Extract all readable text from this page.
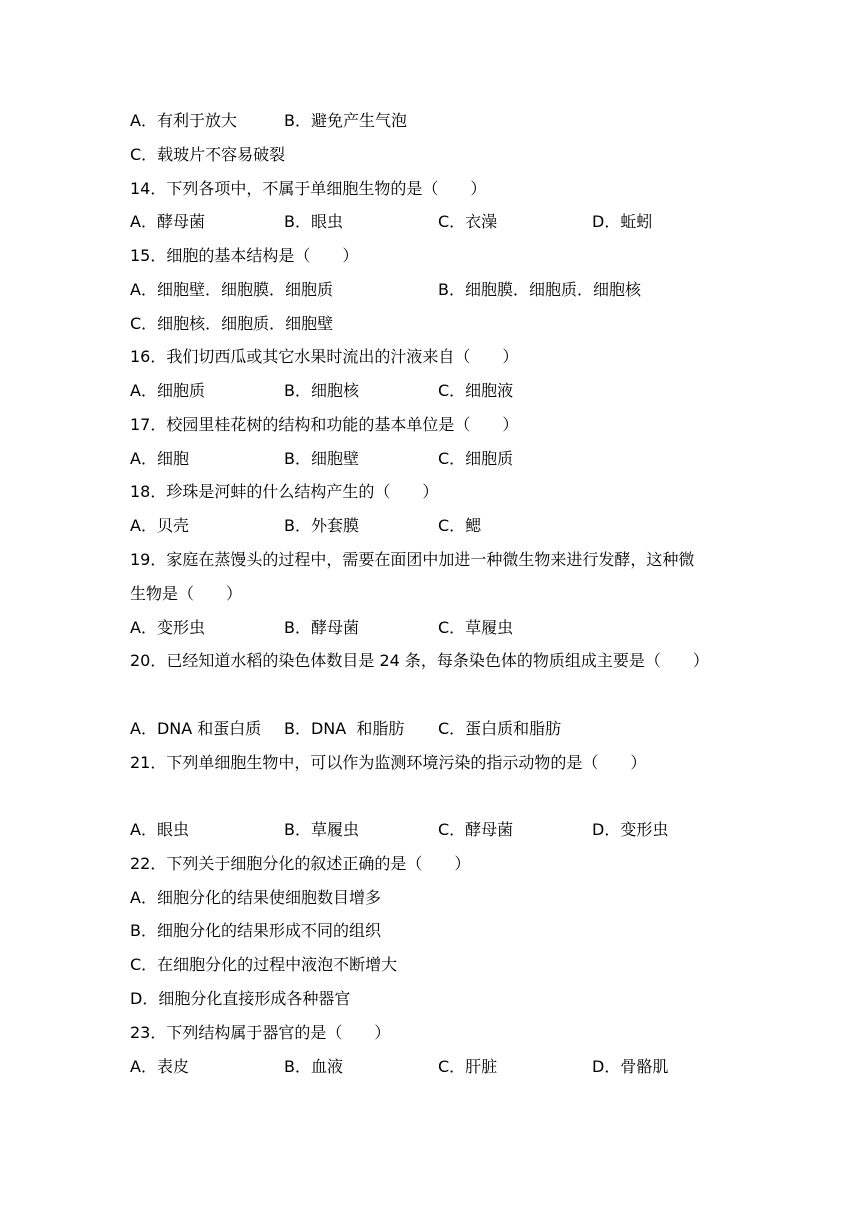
A．有利于放大	B．避免产生气泡
C．载玻片不容易破裂
14．下列各项中，不属于单细胞生物的是（　　）
A．酵母菌	B．眼虫	C．衣澡	D．蚯蚓
15．细胞的基本结构是（　　）
A．细胞壁．细胞膜．细胞质	B．细胞膜．细胞质．细胞核
C．细胞核．细胞质．细胞壁
16．我们切西瓜或其它水果时流出的汁液来自（　　）
A．细胞质	B．细胞核	C．细胞液
17．校园里桂花树的结构和功能的基本单位是（　　）
A．细胞	B．细胞壁	C．细胞质
18．珍珠是河蚌的什么结构产生的（　　）
A．贝壳	B．外套膜	C．鳃
19．家庭在蒸馒头的过程中，需要在面团中加进一种微生物来进行发酵，这种微
生物是（　　）
A．变形虫	B．酵母菌	C．草履虫
20．已经知道水稻的染色体数目是 24 条，每条染色体的物质组成主要是（　　）
A．DNA 和蛋白质 B．DNA  和脂肪 C．蛋白质和脂肪
21．下列单细胞生物中，可以作为监测环境污染的指示动物的是（　　）
A．眼虫	B．草履虫	C．酵母菌	D．变形虫
22．下列关于细胞分化的叙述正确的是（　　）
A．细胞分化的结果使细胞数目增多
B．细胞分化的结果形成不同的组织
C．在细胞分化的过程中液泡不断增大
D．细胞分化直接形成各种器官
23．下列结构属于器官的是（　　）
A．表皮	B．血液	C．肝脏	D．骨骼肌
